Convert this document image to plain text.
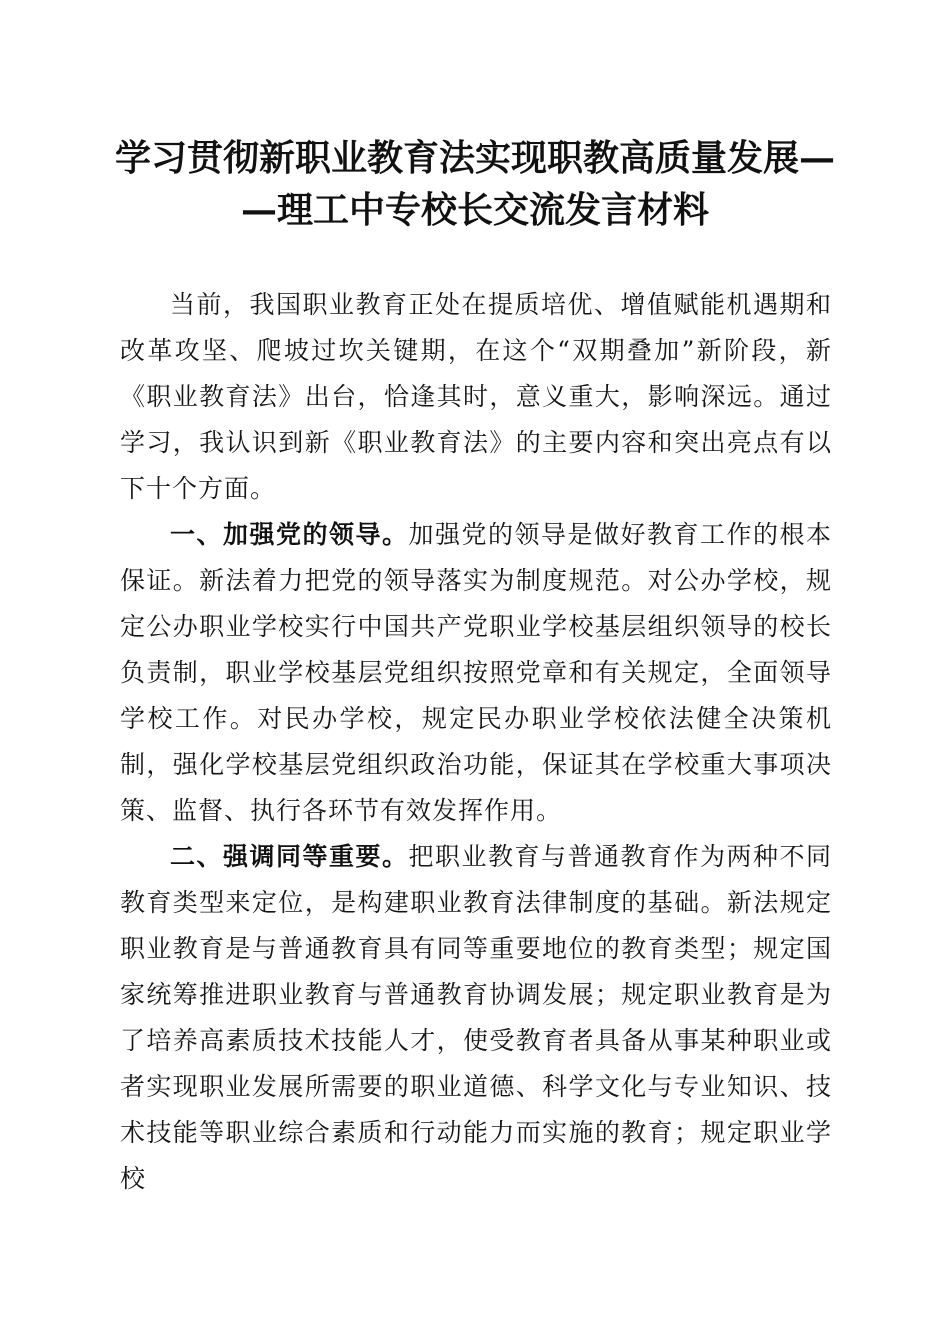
学习贯彻新职业教育法实现职教高质量发展—
—理工中专校长交流发言材料

当前，我国职业教育正处在提质培优、增值赋能机遇期和改革攻坚、爬坡过坎关键期，在这个“双期叠加”新阶段，新《职业教育法》出台，恰逢其时，意义重大，影响深远。通过学习，我认识到新《职业教育法》的主要内容和突出亮点有以下十个方面。

一、加强党的领导。加强党的领导是做好教育工作的根本保证。新法着力把党的领导落实为制度规范。对公办学校，规定公办职业学校实行中国共产党职业学校基层组织领导的校长负责制，职业学校基层党组织按照党章和有关规定，全面领导学校工作。对民办学校，规定民办职业学校依法健全决策机制，强化学校基层党组织政治功能，保证其在学校重大事项决策、监督、执行各环节有效发挥作用。

二、强调同等重要。把职业教育与普通教育作为两种不同教育类型来定位，是构建职业教育法律制度的基础。新法规定职业教育是与普通教育具有同等重要地位的教育类型；规定国家统筹推进职业教育与普通教育协调发展；规定职业教育是为了培养高素质技术技能人才，使受教育者具备从事某种职业或者实现职业发展所需要的职业道德、科学文化与专业知识、技术技能等职业综合素质和行动能力而实施的教育；规定职业学校
